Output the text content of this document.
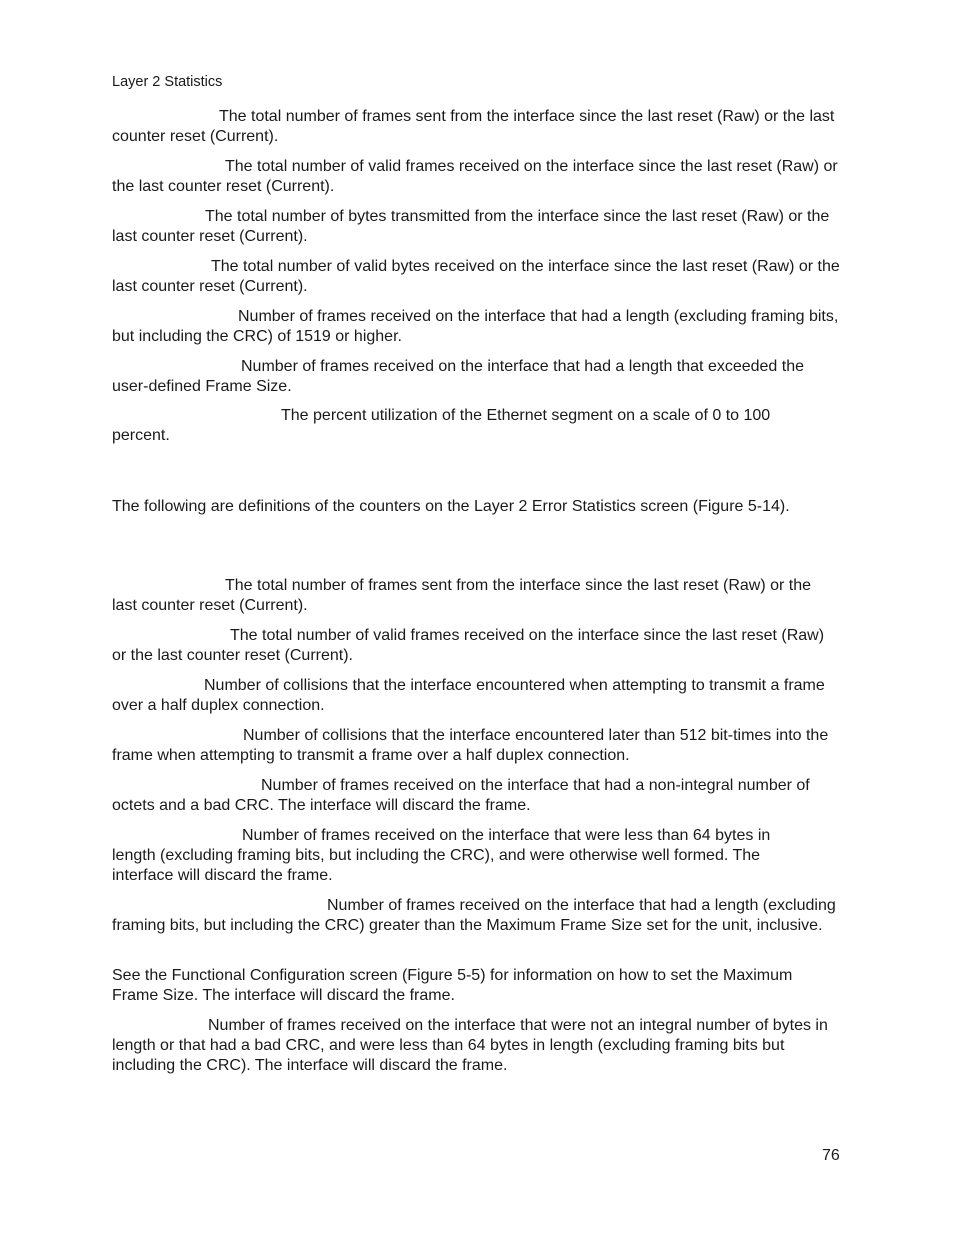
Layer 2 Statistics

The total number of frames sent from the interface since the last reset (Raw) or the last counter reset (Current).

The total number of valid frames received on the interface since the last reset (Raw) or the last counter reset (Current).

The total number of bytes transmitted from the interface since the last reset (Raw) or the last counter reset (Current).

The total number of valid bytes received on the interface since the last reset (Raw) or the last counter reset (Current).

Number of frames received on the interface that had a length (excluding framing bits, but including the CRC) of 1519 or higher.

Number of frames received on the interface that had a length that exceeded the user-defined Frame Size.

The percent utilization of the Ethernet segment on a scale of 0 to 100 percent.

The following are definitions of the counters on the Layer 2 Error Statistics screen (Figure 5-14).

The total number of frames sent from the interface since the last reset (Raw) or the last counter reset (Current).

The total number of valid frames received on the interface since the last reset (Raw) or the last counter reset (Current).

Number of collisions that the interface encountered when attempting to transmit a frame over a half duplex connection.

Number of collisions that the interface encountered later than 512 bit-times into the frame when attempting to transmit a frame over a half duplex connection.

Number of frames received on the interface that had a non-integral number of octets and a bad CRC. The interface will discard the frame.

Number of frames received on the interface that were less than 64 bytes in length (excluding framing bits, but including the CRC), and were otherwise well formed. The interface will discard the frame.

Number of frames received on the interface that had a length (excluding framing bits, but including the CRC) greater than the Maximum Frame Size set for the unit, inclusive.

See the Functional Configuration screen (Figure 5-5) for information on how to set the Maximum Frame Size. The interface will discard the frame.

Number of frames received on the interface that were not an integral number of bytes in length or that had a bad CRC, and were less than 64 bytes in length (excluding framing bits but including the CRC). The interface will discard the frame.

76
